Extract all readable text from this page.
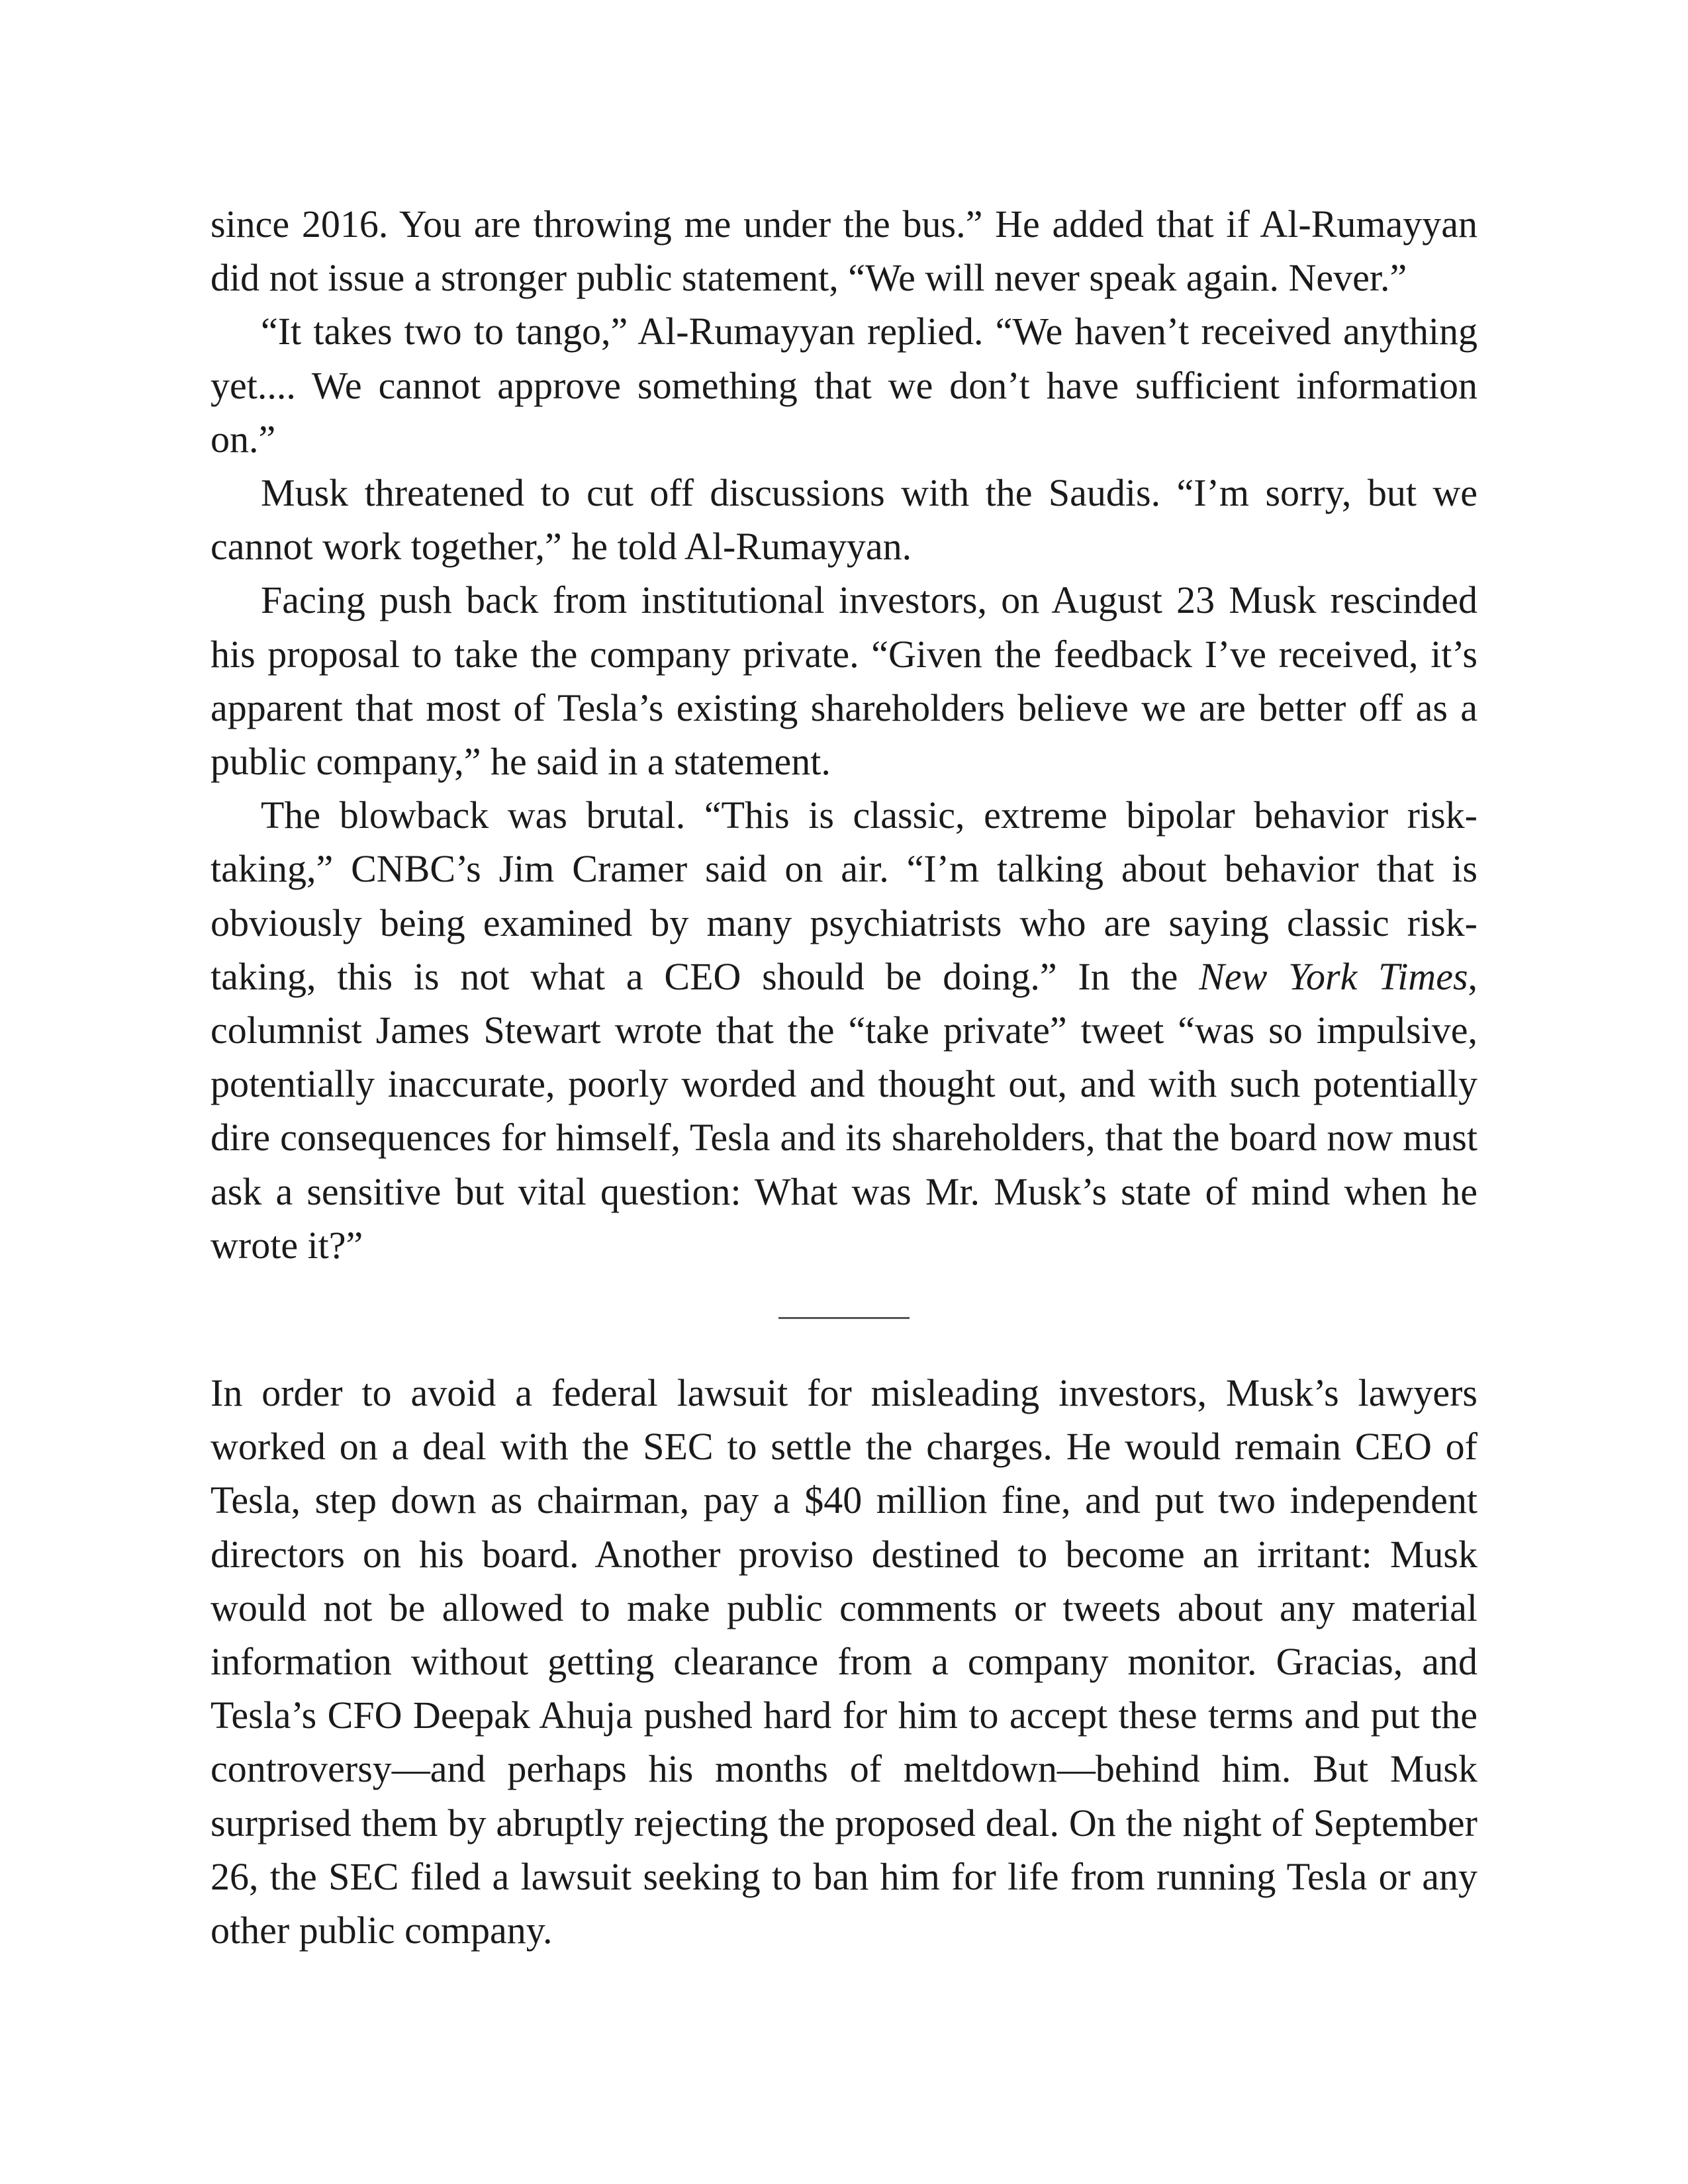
since 2016. You are throwing me under the bus.” He added that if Al-Rumayyan did not issue a stronger public statement, “We will never speak again. Never.”

“It takes two to tango,” Al-Rumayyan replied. “We haven’t received anything yet.... We cannot approve something that we don’t have sufficient information on.”

Musk threatened to cut off discussions with the Saudis. “I’m sorry, but we cannot work together,” he told Al-Rumayyan.

Facing push back from institutional investors, on August 23 Musk rescinded his proposal to take the company private. “Given the feedback I’ve received, it’s apparent that most of Tesla’s existing shareholders believe we are better off as a public company,” he said in a statement.

The blowback was brutal. “This is classic, extreme bipolar behavior risk-taking,” CNBC’s Jim Cramer said on air. “I’m talking about behavior that is obviously being examined by many psychiatrists who are saying classic risk-taking, this is not what a CEO should be doing.” In the New York Times, columnist James Stewart wrote that the “take private” tweet “was so impulsive, potentially inaccurate, poorly worded and thought out, and with such potentially dire consequences for himself, Tesla and its shareholders, that the board now must ask a sensitive but vital question: What was Mr. Musk’s state of mind when he wrote it?”

In order to avoid a federal lawsuit for misleading investors, Musk’s lawyers worked on a deal with the SEC to settle the charges. He would remain CEO of Tesla, step down as chairman, pay a $40 million fine, and put two independent directors on his board. Another proviso destined to become an irritant: Musk would not be allowed to make public comments or tweets about any material information without getting clearance from a company monitor. Gracias, and Tesla’s CFO Deepak Ahuja pushed hard for him to accept these terms and put the controversy—and perhaps his months of meltdown—behind him. But Musk surprised them by abruptly rejecting the proposed deal. On the night of September 26, the SEC filed a lawsuit seeking to ban him for life from running Tesla or any other public company.
